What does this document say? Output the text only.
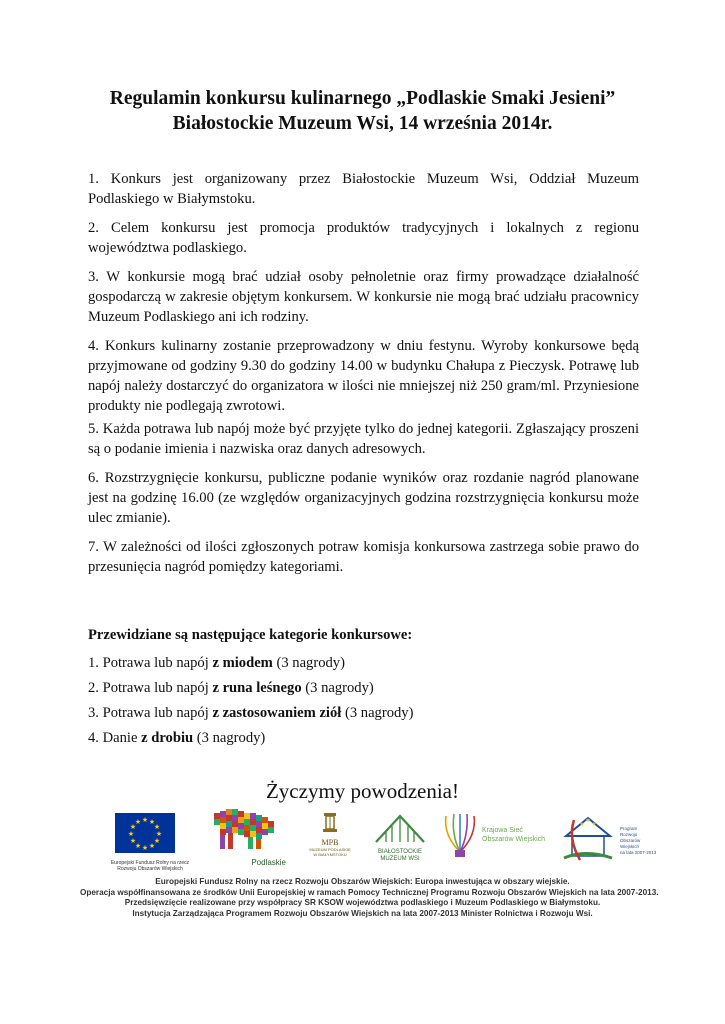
Regulamin konkursu kulinarnego „Podlaskie Smaki Jesieni”
Białostockie Muzeum Wsi, 14 września 2014r.
1. Konkurs jest organizowany przez Białostockie Muzeum Wsi, Oddział Muzeum Podlaskiego w Białymstoku.
2. Celem konkursu jest promocja produktów tradycyjnych i lokalnych z regionu województwa podlaskiego.
3. W konkursie mogą brać udział osoby pełnoletnie oraz firmy prowadzące działalność gospodarczą w zakresie objętym konkursem. W konkursie nie mogą brać udziału pracownicy Muzeum Podlaskiego ani ich rodziny.
4. Konkurs kulinarny zostanie przeprowadzony w dniu festynu. Wyroby konkursowe będą przyjmowane od godziny 9.30 do godziny 14.00 w budynku Chałupa z Pieczysk. Potrawę lub napój należy dostarczyć do organizatora w ilości nie mniejszej niż 250 gram/ml. Przyniesione produkty nie podlegają zwrotowi.
5. Każda potrawa lub napój może być przyjęte tylko do jednej kategorii. Zgłaszający proszeni są o podanie imienia i nazwiska oraz danych adresowych.
6. Rozstrzygnięcie konkursu, publiczne podanie wyników oraz rozdanie nagród planowane jest na godzinę 16.00 (ze względów organizacyjnych godzina rozstrzygnięcia konkursu może ulec zmianie).
7. W zależności od ilości zgłoszonych potraw komisja konkursowa zastrzega sobie prawo do przesunięcia nagród pomiędzy kategoriami.
Przewidziane są następujące kategorie konkursowe:
1. Potrawa lub napój z miodem (3 nagrody)
2. Potrawa lub napój z runa leśnego (3 nagrody)
3. Potrawa lub napój z zastosowaniem ziół (3 nagrody)
4. Danie z drobiu (3 nagrody)
Życzymy powodzenia!
★ ★
★
★
★
★
★
★
★
★
★
★
Europejski Fundusz Rolny na rzecz
Rozwoju Obszarów Wiejskich
Podlaskie
MPB
MUZEUM PODLASKIE
W BIAŁYMSTOKU	BIAŁOSTOCKIE
MUZEUM WSI
Krajowa Sieć
Obszarów Wiejskich
★ ★
★
Program
Rozwoju
Obszarów
Wiejskich
na lata 2007-2013
Europejski Fundusz Rolny na rzecz Rozwoju Obszarów Wiejskich: Europa inwestująca w obszary wiejskie.
Operacja współfinansowana ze środków Unii Europejskiej w ramach Pomocy Technicznej Programu Rozwoju Obszarów Wiejskich na lata 2007-2013.
Przedsięwzięcie realizowane przy współpracy SR KSOW województwa podlaskiego i Muzeum Podlaskiego w Białymstoku.
Instytucja Zarządzająca Programem Rozwoju Obszarów Wiejskich na lata 2007-2013 Minister Rolnictwa i Rozwoju Wsi.
